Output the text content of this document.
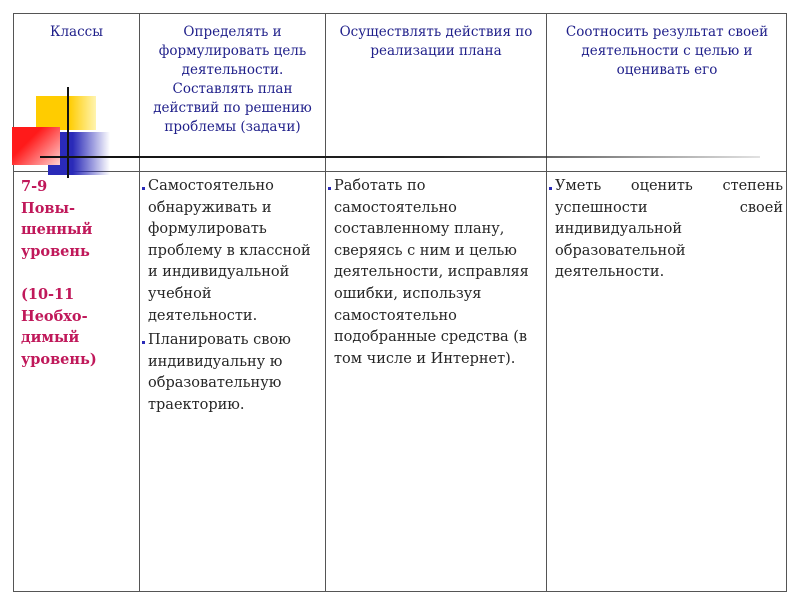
Классы	Определять и формулировать цель деятельности. Составлять план действий по решению проблемы (задачи)
Осуществлять действия по реализации плана
Соотносить результат своей деятельности с целью и оценивать его
7-9
Повы-
шенный
уровень
(10-11
Необхо-
димый
уровень)
Самостоятельно обнаруживать и формулировать проблему в классной и индивидуальной учебной деятельности.
Планировать свою индивидуальну ю образовательную траекторию.
Работать по самостоятельно составленному плану, сверяясь с ним и целью деятельности, исправляя ошибки, используя самостоятельно подобранные средства (в том числе и Интернет).
Уметь оценить степень успешности своей индивидуальной образовательной деятельности.
